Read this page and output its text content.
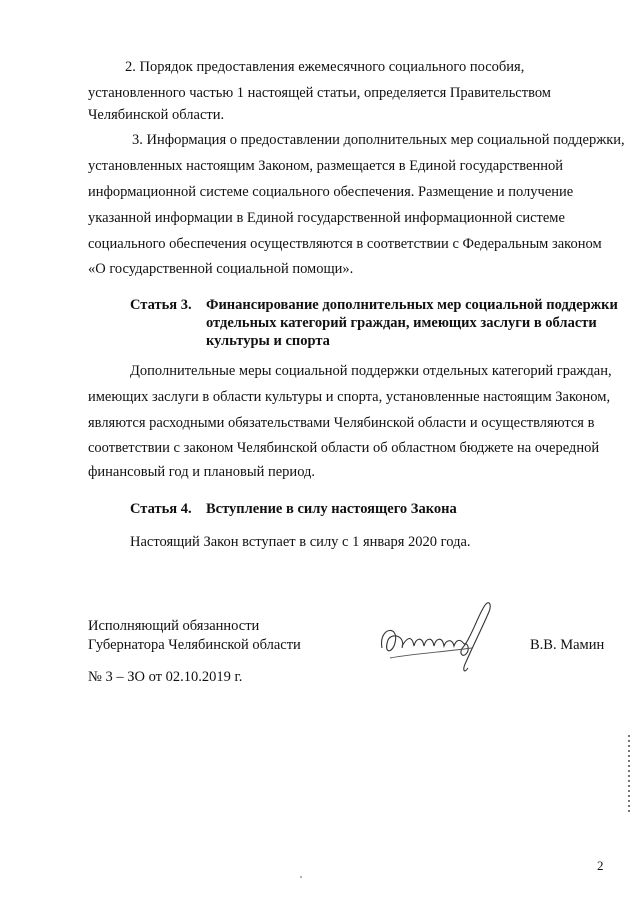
2. Порядок предоставления ежемесячного социального пособия,
установленного частью 1 настоящей статьи, определяется Правительством
Челябинской области.
3. Информация о предоставлении дополнительных мер социальной поддержки,
установленных настоящим Законом, размещается в Единой государственной
информационной системе социального обеспечения. Размещение и получение
указанной информации в Единой государственной информационной системе
социального обеспечения осуществляются в соответствии с Федеральным законом
«О государственной социальной помощи».
Статья 3. Финансирование дополнительных мер социальной поддержки
отдельных категорий граждан, имеющих заслуги в области
культуры и спорта
Дополнительные меры социальной поддержки отдельных категорий граждан,
имеющих заслуги в области культуры и спорта, установленные настоящим Законом,
являются расходными обязательствами Челябинской области и осуществляются в
соответствии с законом Челябинской области об областном бюджете на очередной
финансовый год и плановый период.
Статья 4. Вступление в силу настоящего Закона
Настоящий Закон вступает в силу с 1 января 2020 года.
Исполняющий обязанности
Губернатора Челябинской области	В.В. Мамин
№ 3 – ЗО от 02.10.2019 г.
2
